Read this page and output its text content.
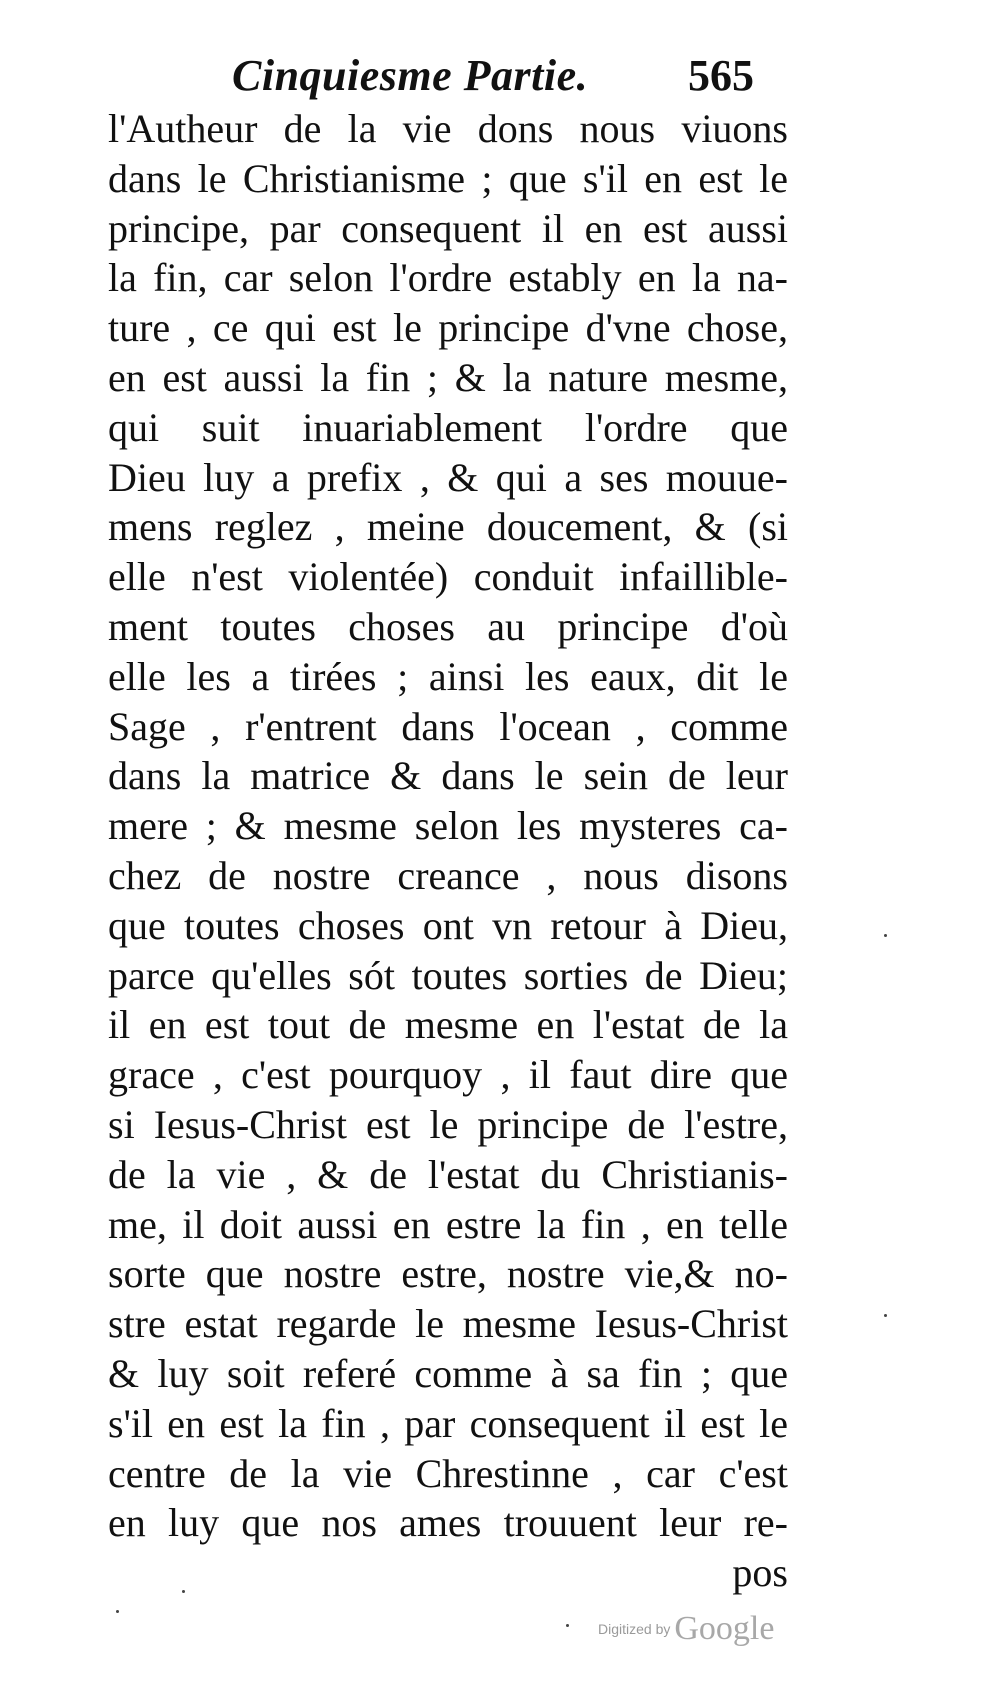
Cinquiesme Partie. 565
l'Autheur de la vie dons nous viuons
dans le Christianisme ; que s'il en est le
principe, par consequent il en est aussi
la fin, car selon l'ordre estably en la na-
ture , ce qui est le principe d'vne chose,
en est aussi la fin ; & la nature mesme,
qui suit inuariablement l'ordre que
Dieu luy a prefix , & qui a ses mouue-
mens reglez , meine doucement, & (si
elle n'est violentée) conduit infaillible-
ment toutes choses au principe d'où
elle les a tirées ; ainsi les eaux, dit le
Sage , r'entrent dans l'ocean , comme
dans la matrice & dans le sein de leur
mere ; & mesme selon les mysteres ca-
chez de nostre creance , nous disons
que toutes choses ont vn retour à Dieu,
parce qu'elles sót toutes sorties de Dieu;
il en est tout de mesme en l'estat de la
grace , c'est pourquoy , il faut dire que
si Iesus-Christ est le principe de l'estre,
de la vie , & de l'estat du Christianis-
me, il doit aussi en estre la fin , en telle
sorte que nostre estre, nostre vie,& no-
stre estat regarde le mesme Iesus-Christ
& luy soit referé comme à sa fin ; que
s'il en est la fin , par consequent il est le
centre de la vie Chrestinne , car c'est
en luy que nos ames trouuent leur re-
pos
Digitized by Google
